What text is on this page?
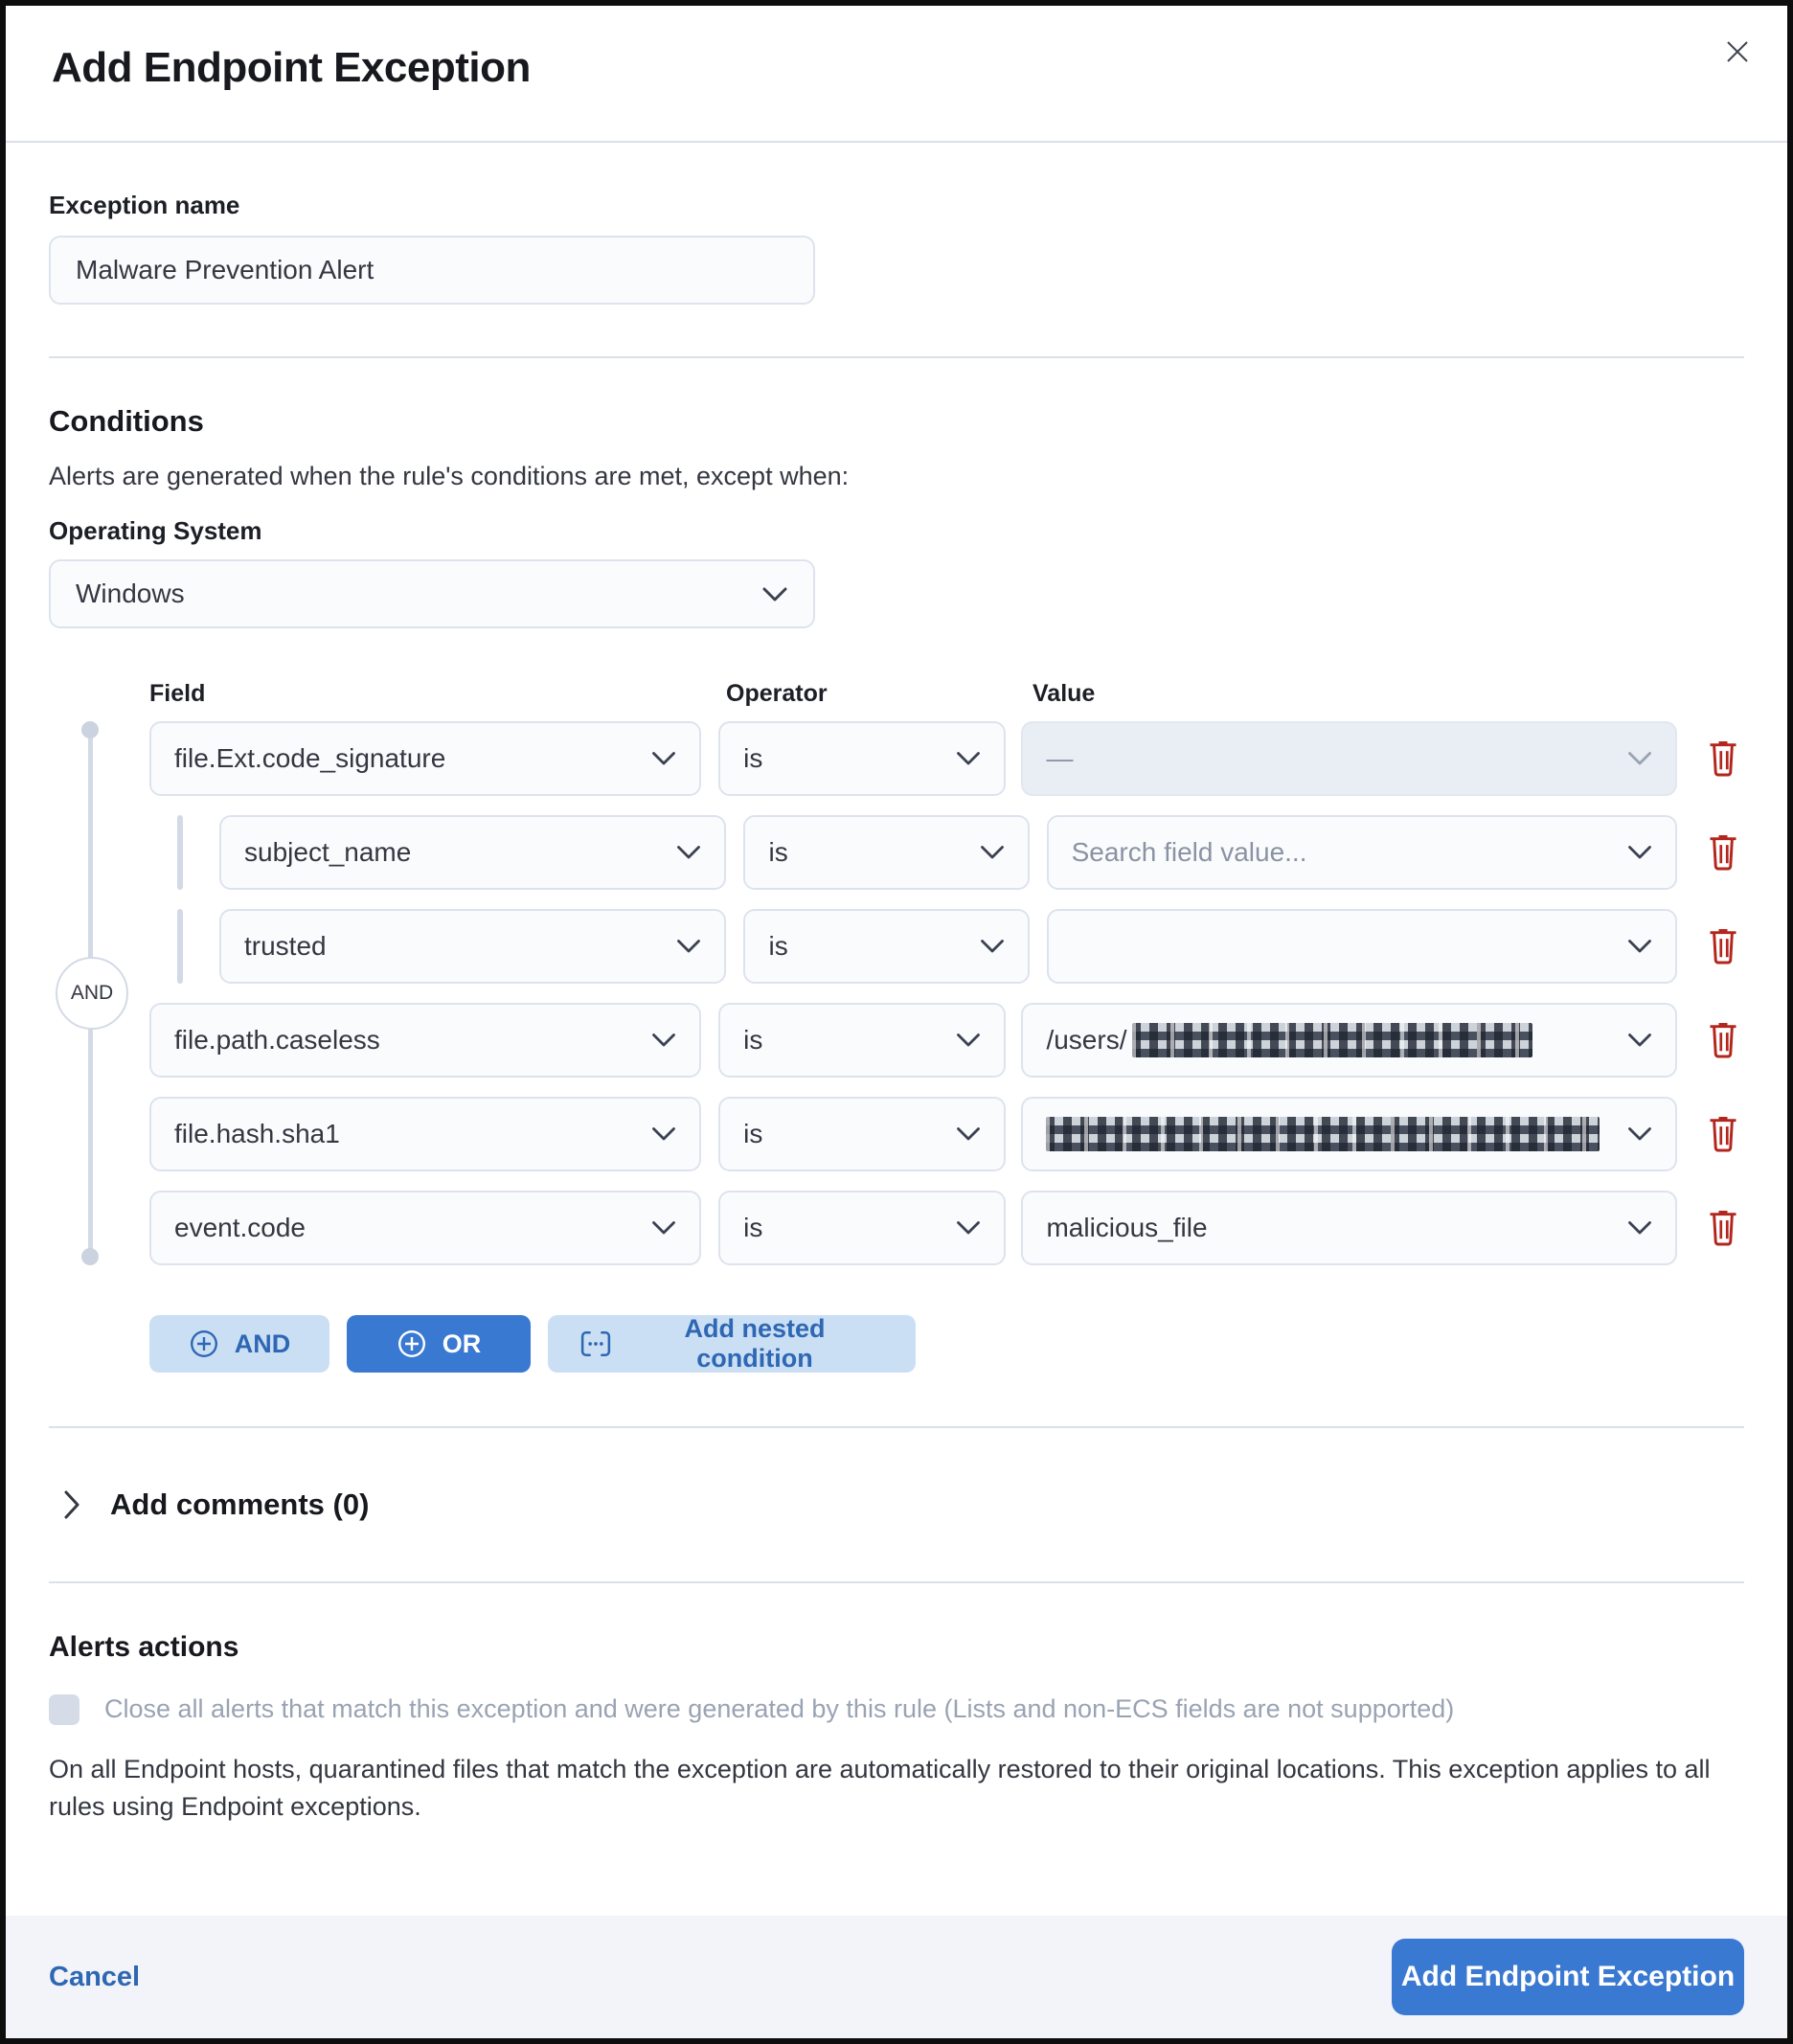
Add Endpoint Exception
Exception name
Malware Prevention Alert
Conditions

Alerts are generated when the rule's conditions are met, except when:

Operating System
Windows
Field	Operator	Value
AND
file.Ext.code_signature	is	—
subject_name	is	Search field value...
trusted	is
file.path.caseless	is	/users/
file.hash.sha1	is
event.code	is	malicious_file
AND	OR
Add nested condition
Add comments (0)
Alerts actions
Close all alerts that match this exception and were generated by this rule (Lists and non-ECS fields are not supported)

On all Endpoint hosts, quarantined files that match the exception are automatically restored to their original locations. This exception applies to all rules using Endpoint exceptions.

Cancel	Add Endpoint Exception
